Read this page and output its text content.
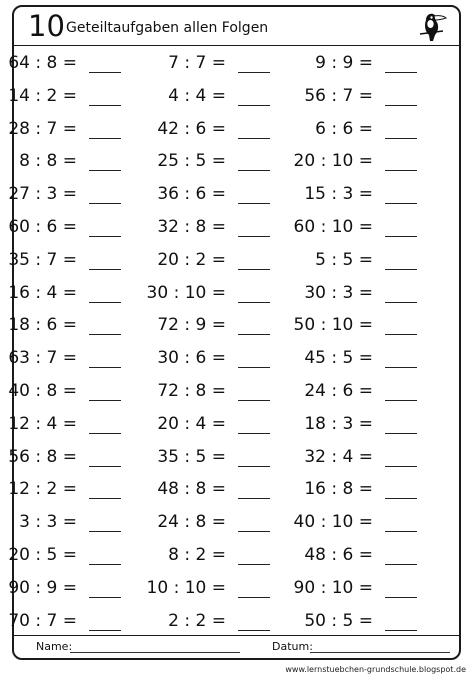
10 Geteiltaufgaben allen Folgen
64 : 8 =	7 : 7 =	9 : 9 =
14 : 2 =	4 : 4 =	56 : 7 =
28 : 7 =	42 : 6 =	6 : 6 =
8 : 8 =	25 : 5 =	20 : 10 =
27 : 3 =	36 : 6 =	15 : 3 =
60 : 6 =	32 : 8 =	60 : 10 =
35 : 7 =	20 : 2 =	5 : 5 =
16 : 4 =	30 : 10 =	30 : 3 =
18 : 6 =	72 : 9 =	50 : 10 =
63 : 7 =	30 : 6 =	45 : 5 =
40 : 8 =	72 : 8 =	24 : 6 =
12 : 4 =	20 : 4 =	18 : 3 =
56 : 8 =	35 : 5 =	32 : 4 =
12 : 2 =	48 : 8 =	16 : 8 =
3 : 3 =	24 : 8 =	40 : 10 =
20 : 5 =	8 : 2 =	48 : 6 =
90 : 9 =	10 : 10 =	90 : 10 =
70 : 7 =	2 : 2 =	50 : 5 =
Name:	Datum:
www.lernstuebchen-grundschule.blogspot.de
